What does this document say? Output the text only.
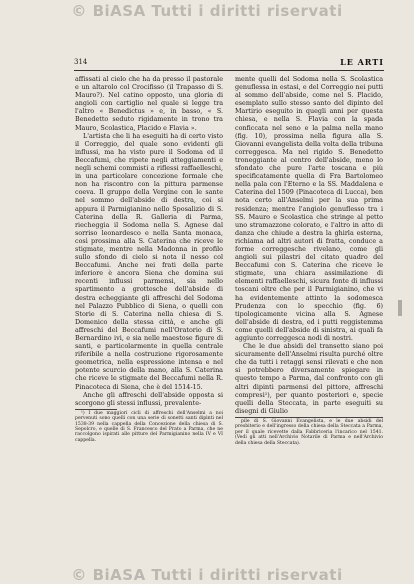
© BiASA Tutti i diritti riservati
314	LE ARTI

affissati al cielo che ha da presso il pastorale e un altarolo col Crocifisso (il Trapasso di S. Mauro?). Nel catino opposto, una gloria di angioli con cartiglio nel quale si legge tra l'altro « Benedictus » e, in basso, « S. Benedetto seduto rigidamente in trono tra Mauro, Scolastica, Placido e Flavia ».

L'artista che li ha eseguiti ha di certo visto il Correggio, del quale sono evidenti gli influssi, ma ha visto pure il Sodoma ed il Beccafumi, che ripete negli atteggiamenti e negli schemi commisti a riflessi raffaelleschi, in una particolare concezione formale che non ha riscontro con la pittura parmense coeva. Il gruppo della Vergine con le sante nel sommo dell'abside di destra, coi si appura il Parmigianino nello Sposalizio di S. Caterina della R. Galleria di Parma, riecheggia il Sodoma nella S. Agnese dal sorriso leonardesco e nella Santa monaca, così prossima alla S. Caterina che riceve le stigmate, mentre nella Madonna in profilo sullo sfondo di cielo si nota il nesso col Beccafumi. Anche nei frati della parte inferiore è ancora Siena che domina sui recenti influssi parmensi, sia nello spartimento a grottesche dell'abside di destra echeggiante gli affreschi del Sodoma nel Palazzo Pubblico di Siena, o quelli con Storie di S. Caterina nella chiesa di S. Domenico della stessa città, e anche gli affreschi del Beccafumi nell'Oratorio di S. Bernardino ivi, e sia nelle maestose figure di santi, e particolarmente in quella centrale riferibile a nella costruzione rigorosamente geometrica, nella espressione intensa e nel potente scurcio della mano, alla S. Caterina che riceve le stigmate del Beccafumi nella R. Pinacoteca di Siena, che è del 1514-15.

Anche gli affreschi dell'abside opposta si scorgono gli stessi influssi, prevalente-

¹) I due maggiori cicli di affreschi dell'Anselmi a noi pervenuti sono quelli con una serie di sonetti santi dipinti nel 1538-39 nella cappella della Concezione della chiesa di S. Sepolcro, e quelle di S. Francesco del Prato a Parma, che ne raccolgono ispirati alle pitture del Parmigianino nella IV e VI cappella.

mente quelli del Sodoma nella S. Scolastica genuflessa in estasi, e del Correggio nei putti al sommo dell'abside, come nel S. Placido, esemplato sullo stesso santo del dipinto del Martirio eseguito in quegli anni per questa chiesa, e nella S. Flavia con la spada conficcata nel seno e la palma nella mano (fig. 10), prossima nella figura alla S. Giovanni evangelista della volta della tribuna correggesca. Ma nel rigido S. Benedetto troneggiante al centro dell'abside, meno lo sfondato che pure l'arte toscana e più specificatamente quella di Fra Bartolomeo nella pala con l'Eterno e la SS. Maddalena e Caterina del 1509 (Pinacoteca di Lucca), ben nota certo all'Anselmi per la sua prima residenza; mentre l'angiolo genuflesso tra i SS. Mauro e Scolastica che stringe al petto uno stramazzone colorato, e l'altro in atto di danza che chiude a destra la ghirla esterna, richiama ad altri autori di fratta, conduce a forme correggesche rivelano, come gli angioli sui pilastri del citato quadro del Beccafumi con S. Caterina che riceve le stigmate, una chiara assimilazione di elementi raffaelleschi, sicura fonte di influssi toscani oltre che per il Parmigianino, che vi ha evidentemente attinto la sodomesca Prudenza con lo specchio (fig. 6) tipologicamente vicina alla S. Agnese dell'abside di destra, ed i putti reggistemma come quelli dell'abside di sinistra, ai quali fa aggiunto correggesca nodi di nostri.

Che le due absidi del transetto siano poi sicuramente dell'Anselmi risulta purché oltre che da tutti i retaggi sensi rilevati e che non si potrebbero diversamente spiegare in questo tempo a Parma, dal confronto con gli altri dipinti parmensi del pittore, affreschi compresi¹), per quanto posteriori e, specie quelli della Steccata, in parte eseguiti su disegni di Giulio

pile di S. Giovanni Evangelista, e le due absidi del presbiterio e dell'ingresso della chiesa della Steccata a Parma, per il quale ricevette dalla Fabbriceria l'incarico nel 1541. (Vedi gli atti nell'Archivio Notarile di Parma e nell'Archivio della chiesa della Steccata).

© BiASA Tutti i diritti riservati
